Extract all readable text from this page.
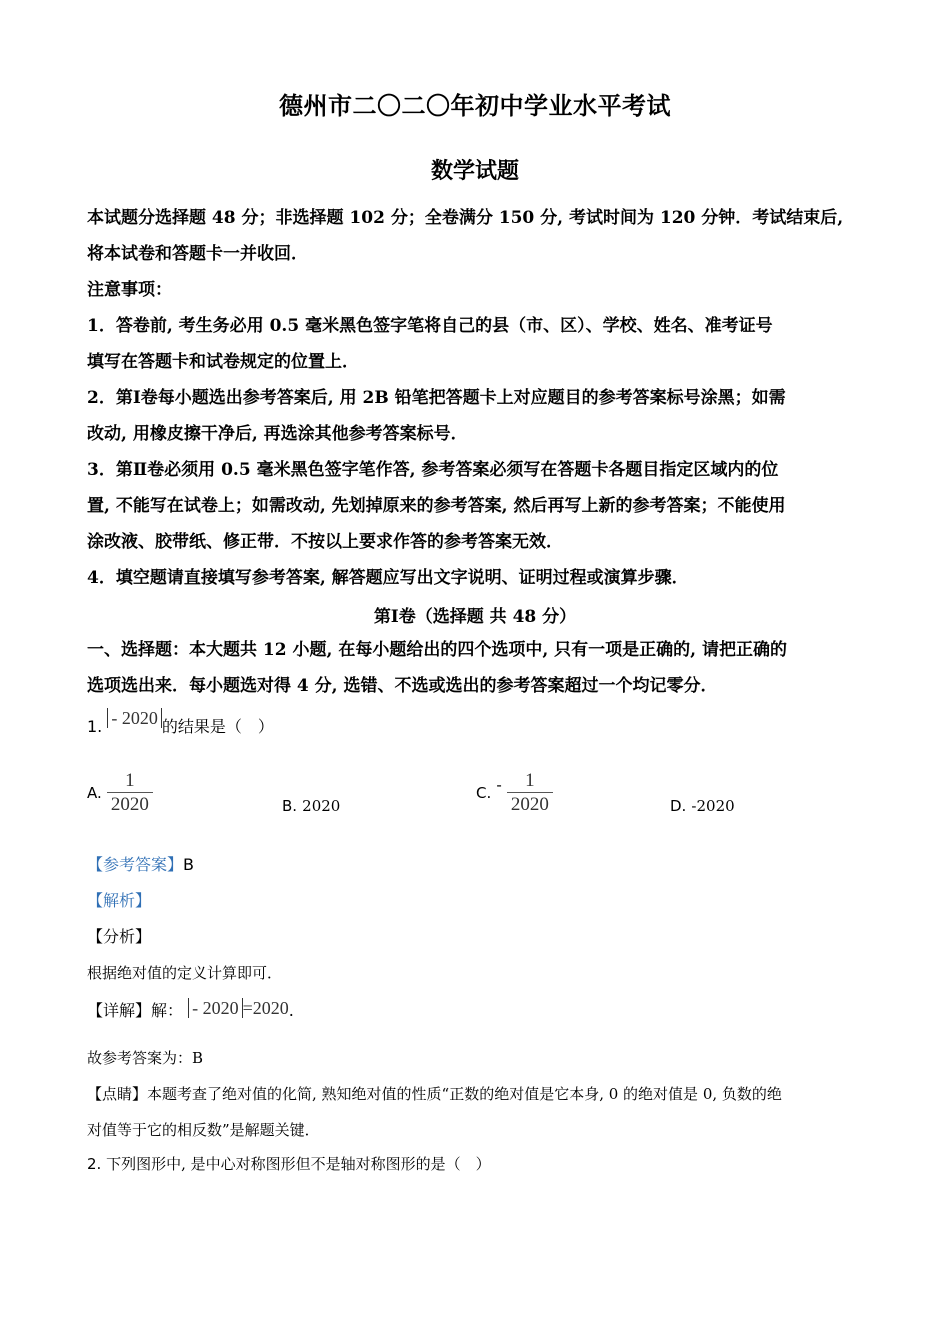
德州市二〇二〇年初中学业水平考试
数学试题
本试题分选择题 48 分；非选择题 102 分；全卷满分 150 分, 考试时间为 120 分钟．考试结束后,
将本试卷和答题卡一并收回．
注意事项：
1．答卷前, 考生务必用 0.5 毫米黑色签字笔将自己的县（市、区）、学校、姓名、准考证号
填写在答题卡和试卷规定的位置上．
2．第Ⅰ卷每小题选出参考答案后, 用 2B 铅笔把答题卡上对应题目的参考答案标号涂黑；如需
改动, 用橡皮擦干净后, 再选涂其他参考答案标号．
3．第Ⅱ卷必须用 0.5 毫米黑色签字笔作答, 参考答案必须写在答题卡各题目指定区域内的位
置, 不能写在试卷上；如需改动, 先划掉原来的参考答案, 然后再写上新的参考答案；不能使用
涂改液、胶带纸、修正带．不按以上要求作答的参考答案无效．
4．填空题请直接填写参考答案, 解答题应写出文字说明、证明过程或演算步骤．
第Ⅰ卷（选择题 共 48 分）
一、选择题：本大题共 12 小题, 在每小题给出的四个选项中, 只有一项是正确的, 请把正确的
选项选出来．每小题选对得 4 分, 选错、不选或选出的参考答案超过一个均记零分．
1. - 2020 的结果是（　）
A. $\frac{1}{2020}$	B. 2020
C. - $\frac{1}{2020}$	D. -2020
【参考答案】B
【解析】
【分析】
根据绝对值的定义计算即可．
【详解】解： - 2020 =2020.
故参考答案为：B
【点睛】本题考查了绝对值的化简, 熟知绝对值的性质“正数的绝对值是它本身, 0 的绝对值是 0, 负数的绝
对值等于它的相反数”是解题关键．
2. 下列图形中, 是中心对称图形但不是轴对称图形的是（　）
